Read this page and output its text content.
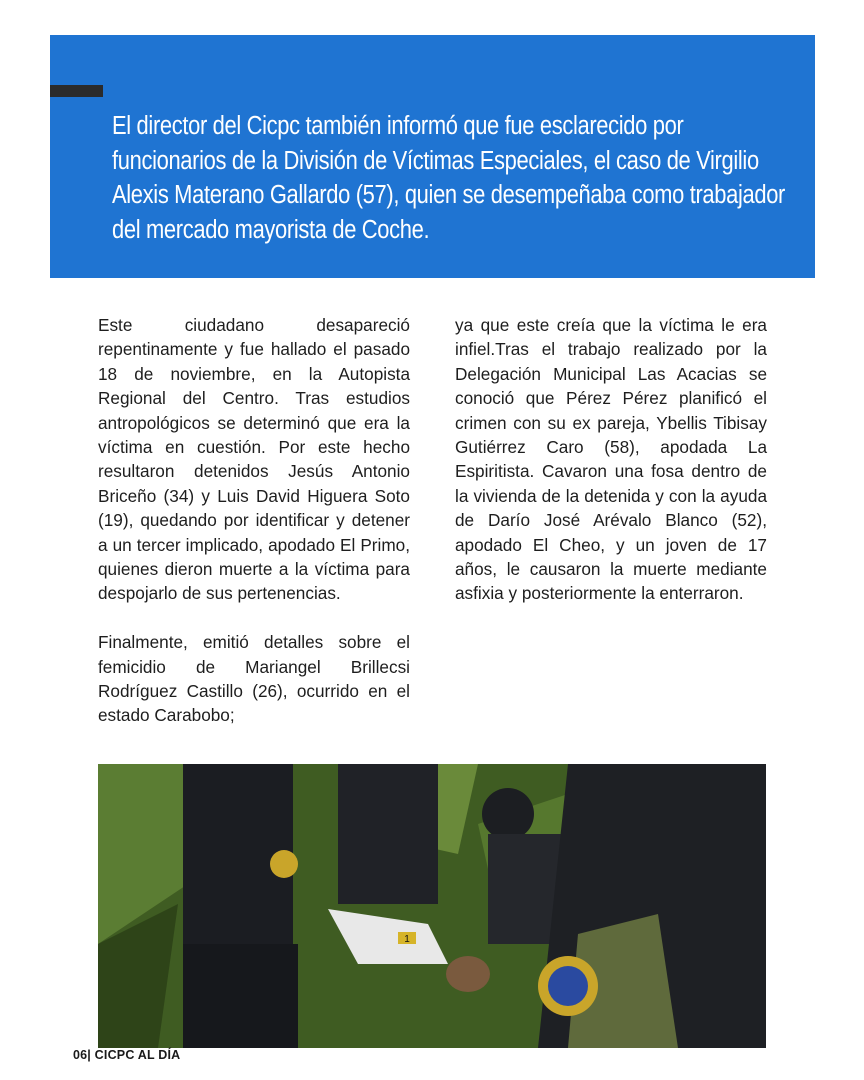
El director del Cicpc también informó que fue esclarecido por funcionarios de la División de Víctimas Especiales, el caso de Virgilio Alexis Materano Gallardo (57), quien se desempeñaba como trabajador del mercado mayorista de Coche.

Este ciudadano desapareció repentinamente y fue hallado el pasado 18 de noviembre, en la Autopista Regional del Centro. Tras estudios antropológicos se determinó que era la víctima en cuestión. Por este hecho resultaron detenidos Jesús Antonio Briceño (34) y Luis David Higuera Soto (19), quedando por identificar y detener a un tercer implicado, apodado El Primo, quienes dieron muerte a la víctima para despojarlo de sus pertenencias.

Finalmente, emitió detalles sobre el femicidio de Mariangel Brillecsi Rodríguez Castillo (26), ocurrido en el estado Carabobo;

ya que este creía que la víctima le era infiel.Tras el trabajo realizado por la Delegación Municipal Las Acacias se conoció que Pérez Pérez planificó el crimen con su ex pareja, Ybellis Tibisay Gutiérrez Caro (58), apodada La Espiritista. Cavaron una fosa dentro de la vivienda de la detenida y con la ayuda de Darío José Arévalo Blanco (52), apodado El Cheo, y un joven de 17 años, le causaron la muerte mediante asfixia y posteriormente la enterraron.

1
06| CICPC AL DÍA
